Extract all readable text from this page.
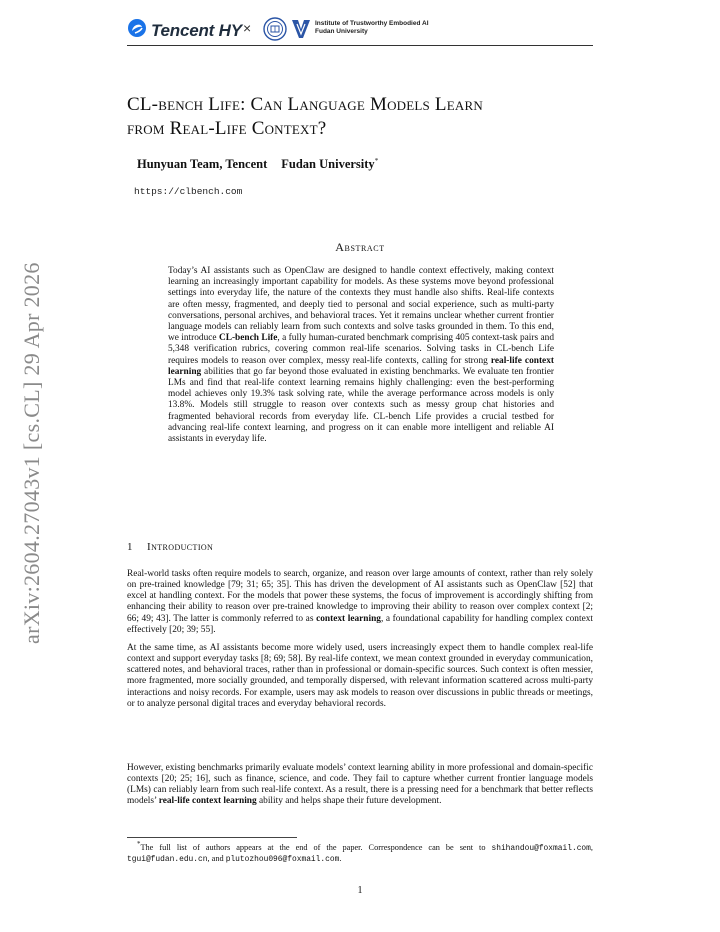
Tencent HY ×	Institute of Trustworthy Embodied AI
Fudan University
arXiv:2604.27043v1 [cs.CL] 29 Apr 2026
CL-bench Life: Can Language Models Learn
from Real-Life Context?
Hunyuan Team, Tencent Fudan University*
https://clbench.com
Abstract
Today’s AI assistants such as OpenClaw are designed to handle context effectively, making context learning an increasingly important capability for models. As these systems move beyond professional settings into everyday life, the nature of the contexts they must handle also shifts. Real-life contexts are often messy, fragmented, and deeply tied to personal and social experience, such as multi-party conversations, personal archives, and behavioral traces. Yet it remains unclear whether current frontier language models can reliably learn from such contexts and solve tasks grounded in them. To this end, we introduce CL-bench Life, a fully human-curated benchmark comprising 405 context-task pairs and 5,348 verification rubrics, covering common real-life scenarios. Solving tasks in CL-bench Life requires models to reason over complex, messy real-life contexts, calling for strong real-life context learning abilities that go far beyond those evaluated in existing benchmarks. We evaluate ten frontier LMs and find that real-life context learning remains highly challenging: even the best-performing model achieves only 19.3% task solving rate, while the average performance across models is only 13.8%. Models still struggle to reason over contexts such as messy group chat histories and fragmented behavioral records from everyday life. CL-bench Life provides a crucial testbed for advancing real-life context learning, and progress on it can enable more intelligent and reliable AI assistants in everyday life.
1 Introduction
Real-world tasks often require models to search, organize, and reason over large amounts of context, rather than rely solely on pre-trained knowledge [79; 31; 65; 35]. This has driven the development of AI assistants such as OpenClaw [52] that excel at handling context. For the models that power these systems, the focus of improvement is accordingly shifting from enhancing their ability to reason over pre-trained knowledge to improving their ability to reason over complex context [2; 66; 49; 43]. The latter is commonly referred to as context learning, a foundational capability for handling complex context effectively [20; 39; 55].
At the same time, as AI assistants become more widely used, users increasingly expect them to handle complex real-life context and support everyday tasks [8; 69; 58]. By real-life context, we mean context grounded in everyday communication, scattered notes, and behavioral traces, rather than in professional or domain-specific sources. Such context is often messier, more fragmented, more socially grounded, and temporally dispersed, with relevant information scattered across multi-party interactions and noisy records. For example, users may ask models to reason over discussions in public threads or meetings, or to analyze personal digital traces and everyday behavioral records.
However, existing benchmarks primarily evaluate models’ context learning ability in more professional and domain-specific contexts [20; 25; 16], such as finance, science, and code. They fail to capture whether current frontier language models (LMs) can reliably learn from such real-life context. As a result, there is a pressing need for a benchmark that better reflects models’ real-life context learning ability and helps shape their future development.
*The full list of authors appears at the end of the paper. Correspondence can be sent to shihandou@foxmail.com, tgui@fudan.edu.cn, and plutozhou096@foxmail.com.
1
